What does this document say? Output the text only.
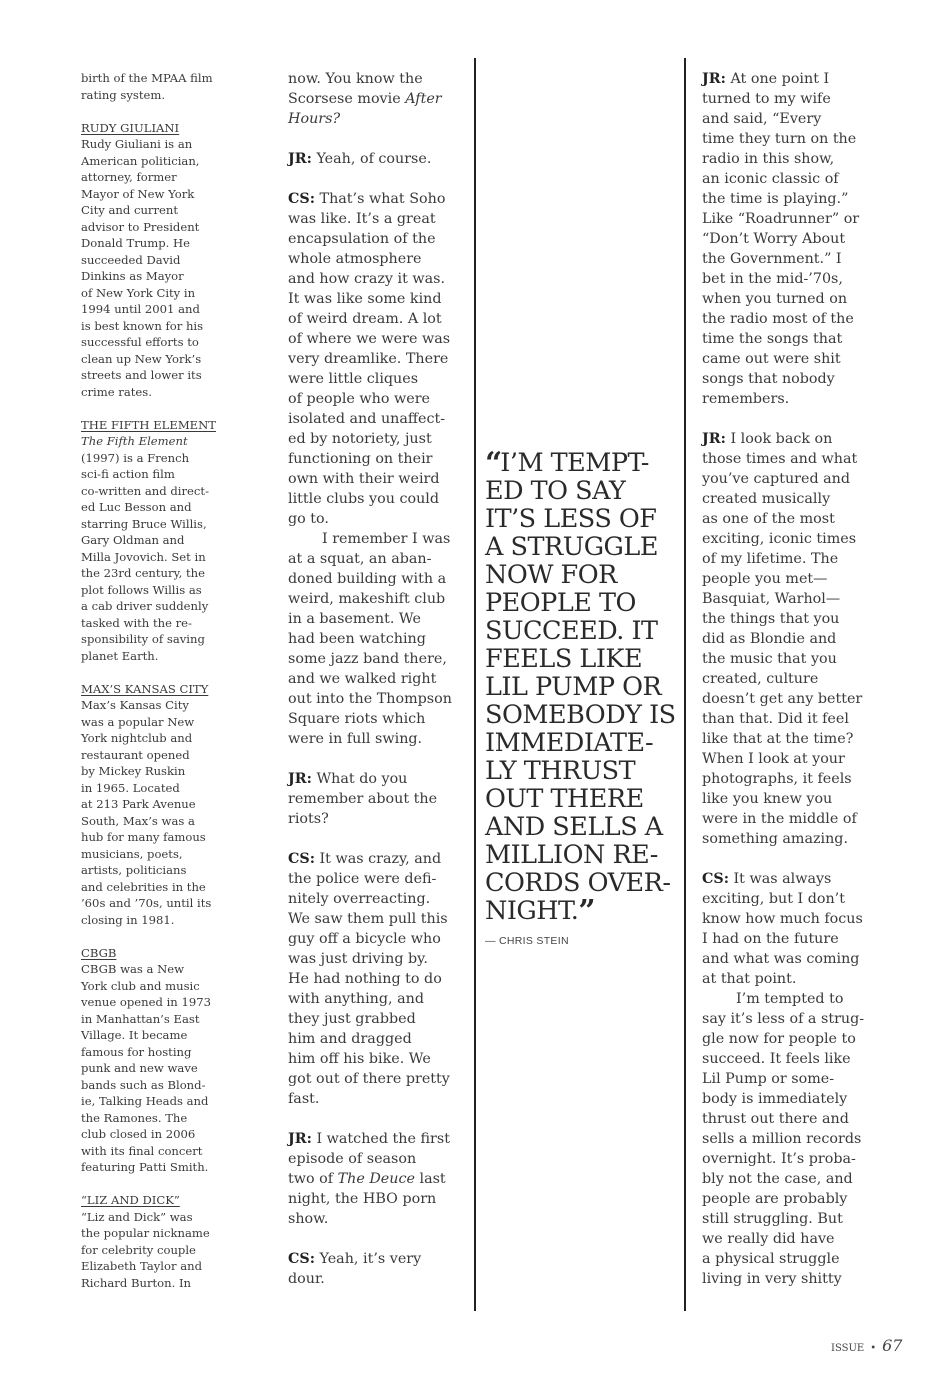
birth of the MPAA film
rating system.
RUDY GIULIANI
Rudy Giuliani is an
American politician,
attorney, former
Mayor of New York
City and current
advisor to President
Donald Trump. He
succeeded David
Dinkins as Mayor
of New York City in
1994 until 2001 and
is best known for his
successful efforts to
clean up New York’s
streets and lower its
crime rates.
THE FIFTH ELEMENT
The Fifth Element
(1997) is a French
sci-fi action film
co-written and direct-
ed Luc Besson and
starring Bruce Willis,
Gary Oldman and
Milla Jovovich. Set in
the 23rd century, the
plot follows Willis as
a cab driver suddenly
tasked with the re-
sponsibility of saving
planet Earth.
MAX’S KANSAS CITY
Max’s Kansas City
was a popular New
York nightclub and
restaurant opened
by Mickey Ruskin
in 1965. Located
at 213 Park Avenue
South, Max’s was a
hub for many famous
musicians, poets,
artists, politicians
and celebrities in the
’60s and ’70s, until its
closing in 1981.
CBGB
CBGB was a New
York club and music
venue opened in 1973
in Manhattan’s East
Village. It became
famous for hosting
punk and new wave
bands such as Blond-
ie, Talking Heads and
the Ramones. The
club closed in 2006
with its final concert
featuring Patti Smith.
“LIZ AND DICK”
“Liz and Dick” was
the popular nickname
for celebrity couple
Elizabeth Taylor and
Richard Burton. In
now. You know the
Scorsese movie After
Hours?
JR: Yeah, of course.
CS: That’s what Soho
was like. It’s a great
encapsulation of the
whole atmosphere
and how crazy it was.
It was like some kind
of weird dream. A lot
of where we were was
very dreamlike. There
were little cliques
of people who were
isolated and unaffect-
ed by notoriety, just
functioning on their
own with their weird
little clubs you could
go to.
I remember I was
at a squat, an aban-
doned building with a
weird, makeshift club
in a basement. We
had been watching
some jazz band there,
and we walked right
out into the Thompson
Square riots which
were in full swing.
JR: What do you
remember about the
riots?
CS: It was crazy, and
the police were defi-
nitely overreacting.
We saw them pull this
guy off a bicycle who
was just driving by.
He had nothing to do
with anything, and
they just grabbed
him and dragged
him off his bike. We
got out of there pretty
fast.
JR: I watched the first
episode of season
two of The Deuce last
night, the HBO porn
show.
CS: Yeah, it’s very
dour.
“I’M TEMPT-
ED TO SAY
IT’S LESS OF
A STRUGGLE
NOW FOR
PEOPLE TO
SUCCEED. IT
FEELS LIKE
LIL PUMP OR
SOMEBODY IS
IMMEDIATE-
LY THRUST
OUT THERE
AND SELLS A
MILLION RE-
CORDS OVER-
NIGHT.”
— CHRIS STEIN
JR: At one point I
turned to my wife
and said, “Every
time they turn on the
radio in this show,
an iconic classic of
the time is playing.”
Like “Roadrunner” or
“Don’t Worry About
the Government.” I
bet in the mid-’70s,
when you turned on
the radio most of the
time the songs that
came out were shit
songs that nobody
remembers.
JR: I look back on
those times and what
you’ve captured and
created musically
as one of the most
exciting, iconic times
of my lifetime. The
people you met—
Basquiat, Warhol—
the things that you
did as Blondie and
the music that you
created, culture
doesn’t get any better
than that. Did it feel
like that at the time?
When I look at your
photographs, it feels
like you knew you
were in the middle of
something amazing.
CS: It was always
exciting, but I don’t
know how much focus
I had on the future
and what was coming
at that point.
I’m tempted to
say it’s less of a strug-
gle now for people to
succeed. It feels like
Lil Pump or some-
body is immediately
thrust out there and
sells a million records
overnight. It’s proba-
bly not the case, and
people are probably
still struggling. But
we really did have
a physical struggle
living in very shitty
ISSUE • 67
